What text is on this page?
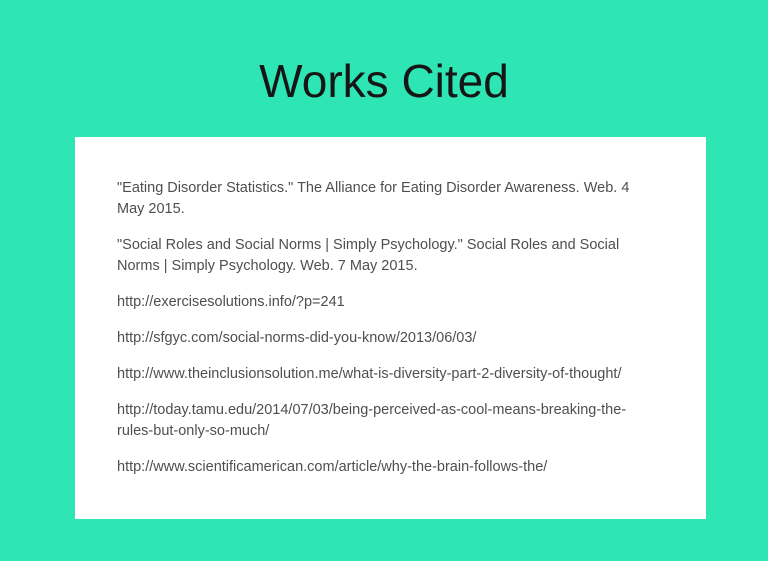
Works Cited

"Eating Disorder Statistics." The Alliance for Eating Disorder Awareness. Web. 4
May 2015.

"Social Roles and Social Norms | Simply Psychology." Social Roles and Social
Norms | Simply Psychology. Web. 7 May 2015.

http://exercisesolutions.info/?p=241

http://sfgyc.com/social-norms-did-you-know/2013/06/03/

http://www.theinclusionsolution.me/what-is-diversity-part-2-diversity-of-thought/

http://today.tamu.edu/2014/07/03/being-perceived-as-cool-means-breaking-the-
rules-but-only-so-much/

http://www.scientificamerican.com/article/why-the-brain-follows-the/
